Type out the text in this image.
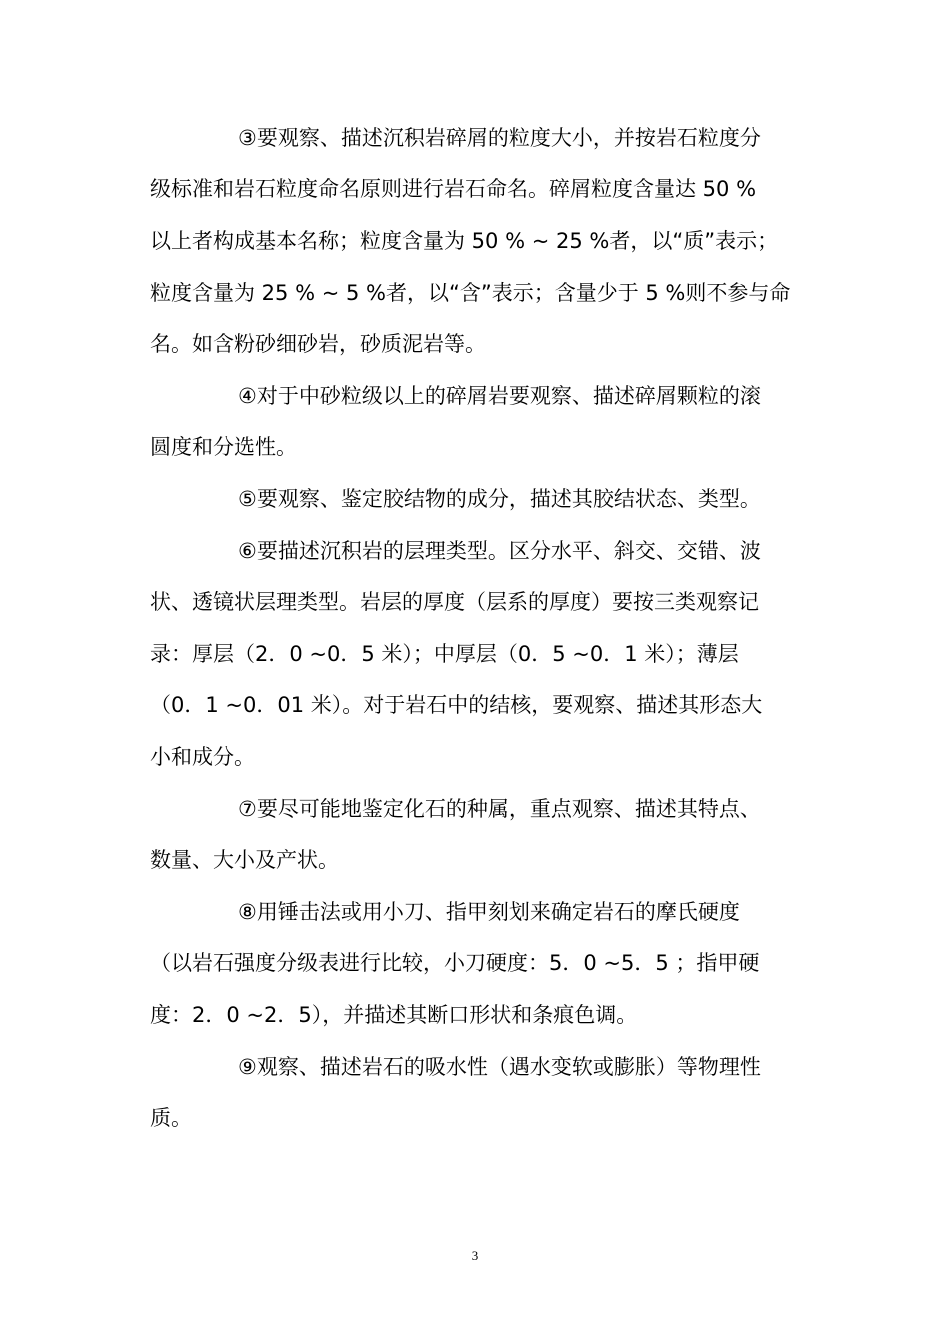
③要观察、描述沉积岩碎屑的粒度大小，并按岩石粒度分
级标准和岩石粒度命名原则进行岩石命名。碎屑粒度含量达 50 %
以上者构成基本名称；粒度含量为 50 % ~ 25 %者，以“质”表示；
粒度含量为 25 % ~ 5 %者，以“含”表示；含量少于 5 %则不参与命
名。如含粉砂细砂岩，砂质泥岩等。
④对于中砂粒级以上的碎屑岩要观察、描述碎屑颗粒的滚
圆度和分选性。
⑤要观察、鉴定胶结物的成分，描述其胶结状态、类型。
⑥要描述沉积岩的层理类型。区分水平、斜交、交错、波
状、透镜状层理类型。岩层的厚度（层系的厚度）要按三类观察记
录：厚层（2．0 ~0．5 米）；中厚层（0．5 ~0．1 米）；薄层
（0．1 ~0．01 米）。对于岩石中的结核，要观察、描述其形态大
小和成分。
⑦要尽可能地鉴定化石的种属，重点观察、描述其特点、
数量、大小及产状。
⑧用锤击法或用小刀、指甲刻划来确定岩石的摩氏硬度
（以岩石强度分级表进行比较，小刀硬度：5．0 ~5．5 ；指甲硬
度：2．0 ~2．5），并描述其断口形状和条痕色调。
⑨观察、描述岩石的吸水性（遇水变软或膨胀）等物理性
质。
3
